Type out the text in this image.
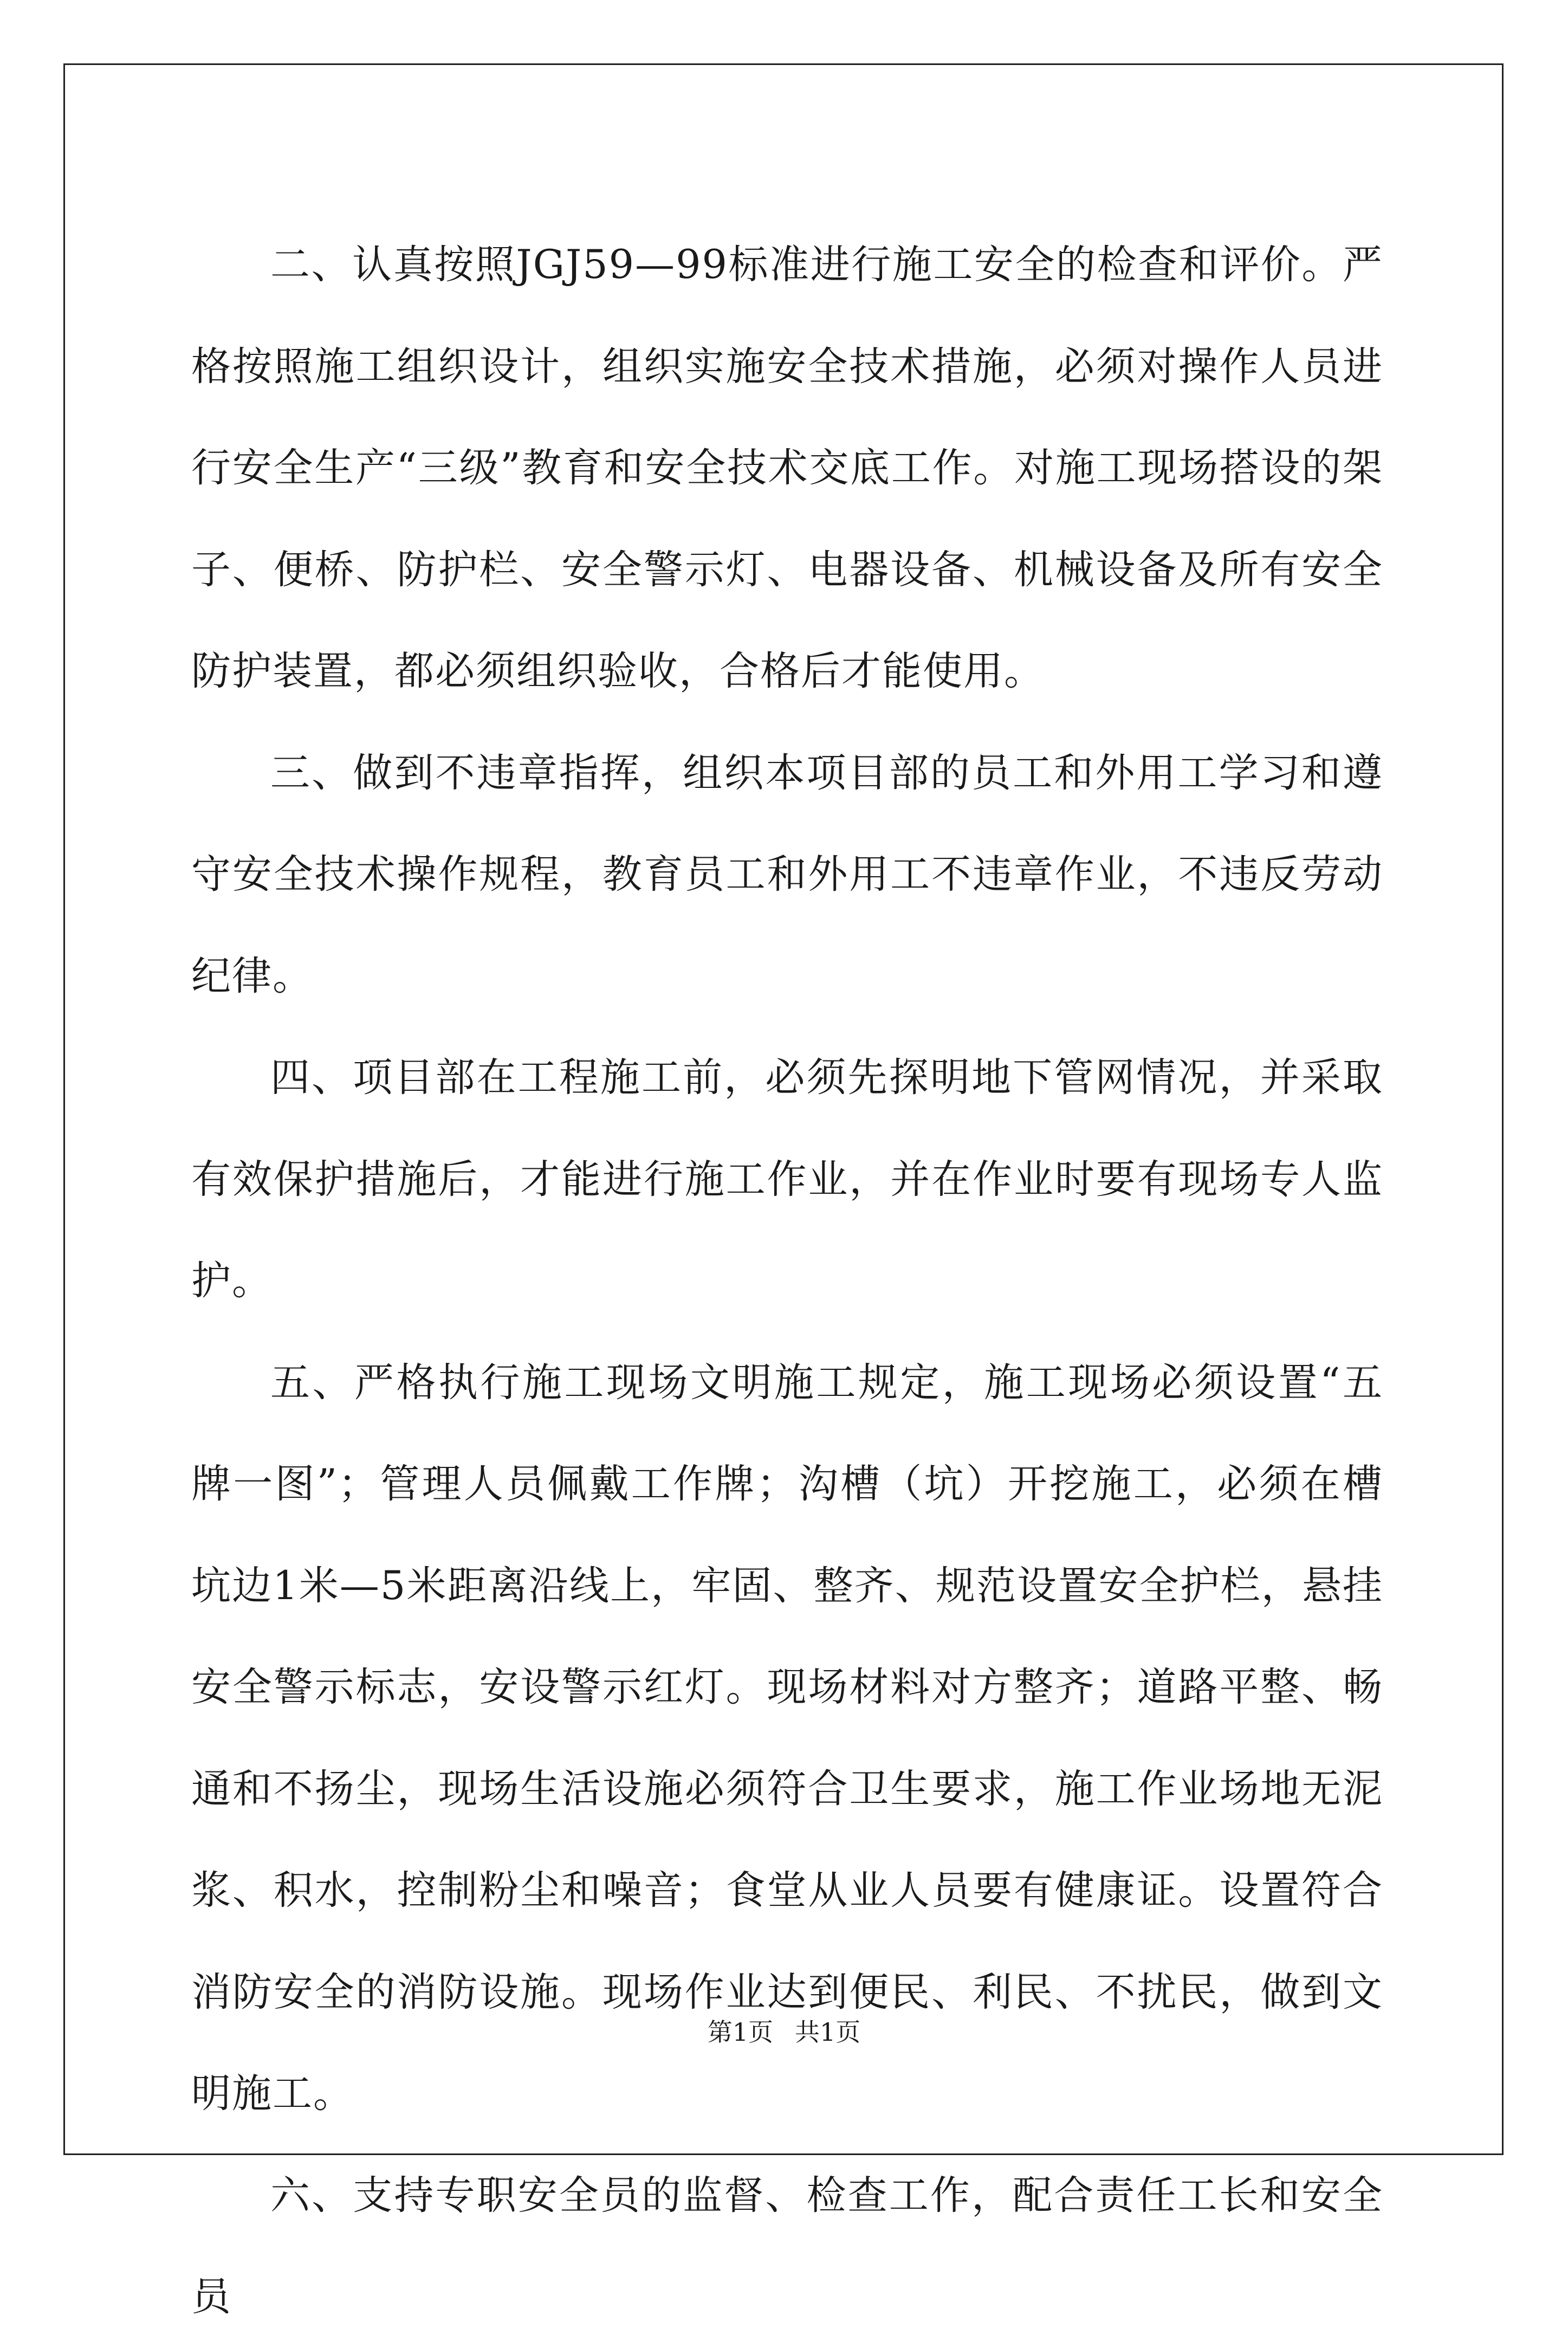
二、认真按照JGJ59—99标准进行施工安全的检查和评价。严格按照施工组织设计，组织实施安全技术措施，必须对操作人员进行安全生产“三级”教育和安全技术交底工作。对施工现场搭设的架子、便桥、防护栏、安全警示灯、电器设备、机械设备及所有安全防护装置，都必须组织验收，合格后才能使用。

三、做到不违章指挥，组织本项目部的员工和外用工学习和遵守安全技术操作规程，教育员工和外用工不违章作业，不违反劳动纪律。

四、项目部在工程施工前，必须先探明地下管网情况，并采取有效保护措施后，才能进行施工作业，并在作业时要有现场专人监护。

五、严格执行施工现场文明施工规定，施工现场必须设置“五牌一图”；管理人员佩戴工作牌；沟槽（坑）开挖施工，必须在槽坑边1米—5米距离沿线上，牢固、整齐、规范设置安全护栏，悬挂安全警示标志，安设警示红灯。现场材料对方整齐；道路平整、畅通和不扬尘，现场生活设施必须符合卫生要求，施工作业场地无泥浆、积水，控制粉尘和噪音；食堂从业人员要有健康证。设置符合消防安全的消防设施。现场作业达到便民、利民、不扰民，做到文明施工。

六、支持专职安全员的监督、检查工作，配合责任工长和安全员

第1页 共1页
